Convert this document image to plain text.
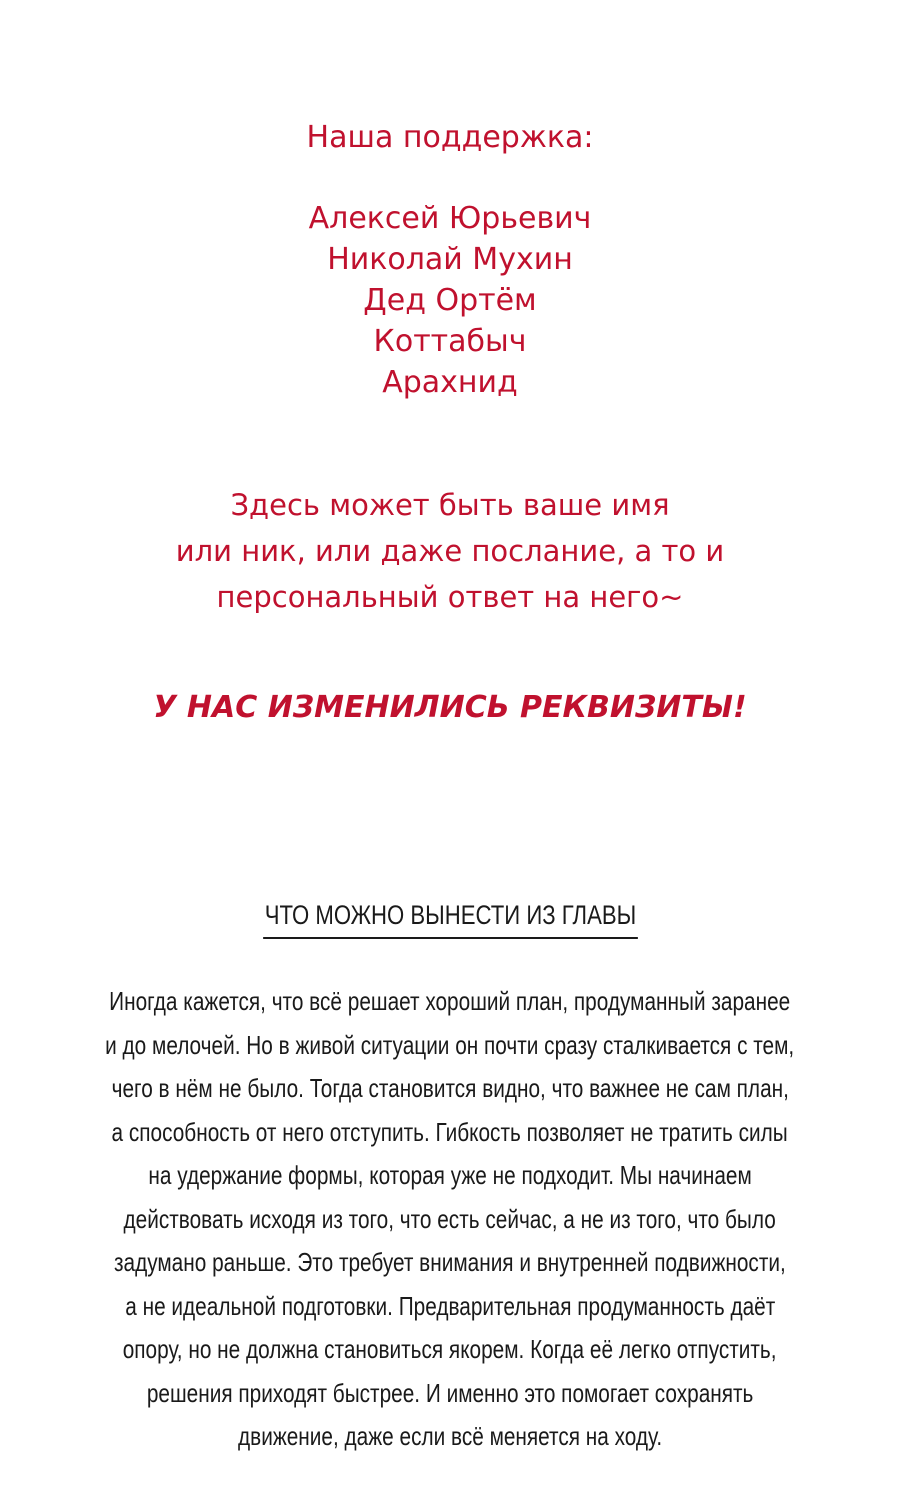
Наша поддержка:
Алексей Юрьевич
Николай Мухин
Дед Ортём
Коттабыч
Арахнид
Здесь может быть ваше имя
или ник, или даже послание, а то и
персональный ответ на него~
У НАС ИЗМЕНИЛИСЬ РЕКВИЗИТЫ!
ЧТО МОЖНО ВЫНЕСТИ ИЗ ГЛАВЫ
Иногда кажется, что всё решает хороший план, продуманный заранее
и до мелочей. Но в живой ситуации он почти сразу сталкивается с тем,
чего в нём не было. Тогда становится видно, что важнее не сам план,
а способность от него отступить. Гибкость позволяет не тратить силы
на удержание формы, которая уже не подходит. Мы начинаем
действовать исходя из того, что есть сейчас, а не из того, что было
задумано раньше. Это требует внимания и внутренней подвижности,
а не идеальной подготовки. Предварительная продуманность даёт
опору, но не должна становиться якорем. Когда её легко отпустить,
решения приходят быстрее. И именно это помогает сохранять
движение, даже если всё меняется на ходу.
